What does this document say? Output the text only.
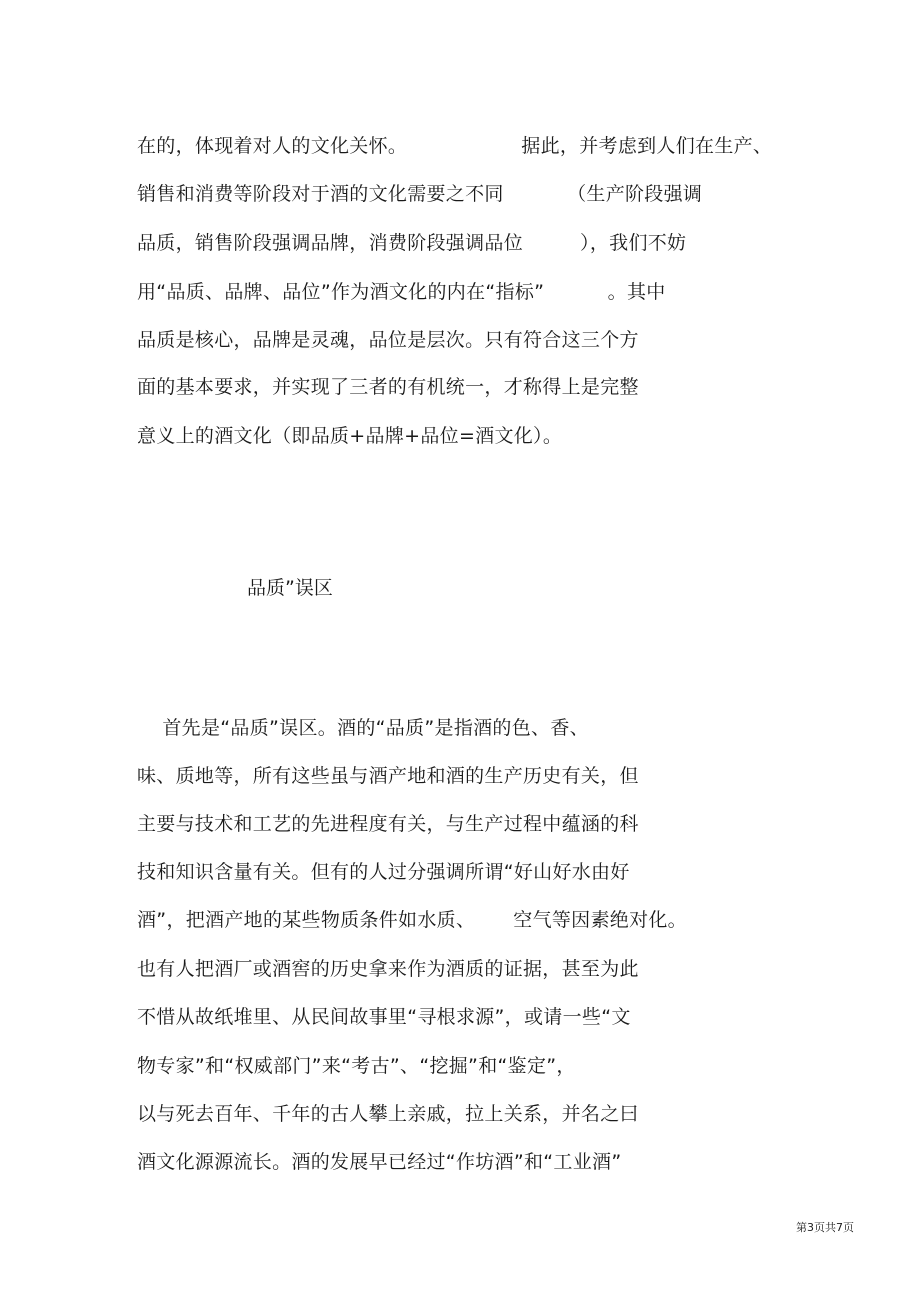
在的，体现着对人的文化关怀。                  据此，并考虑到人们在生产、
销售和消费等阶段对于酒的文化需要之不同          （生产阶段强调
品质，销售阶段强调品牌，消费阶段强调品位         ），我们不妨
用“品质、品牌、品位”作为酒文化的内在“指标”          。其中
品质是核心，品牌是灵魂，品位是层次。只有符合这三个方
面的基本要求，并实现了三者的有机统一，才称得上是完整
意义上的酒文化（即品质+品牌+品位=酒文化）。
品质”误区
首先是“品质”误区。酒的“品质”是指酒的色、香、
味、质地等，所有这些虽与酒产地和酒的生产历史有关，但
主要与技术和工艺的先进程度有关，与生产过程中蕴涵的科
技和知识含量有关。但有的人过分强调所谓“好山好水由好
酒”，把酒产地的某些物质条件如水质、      空气等因素绝对化。
也有人把酒厂或酒窖的历史拿来作为酒质的证据，甚至为此
不惜从故纸堆里、从民间故事里“寻根求源”，或请一些“文
物专家”和“权威部门”来“考古”、“挖掘”和“鉴定”，
以与死去百年、千年的古人攀上亲戚，拉上关系，并名之曰
酒文化源源流长。酒的发展早已经过“作坊酒”和“工业酒”
第3页共7页
